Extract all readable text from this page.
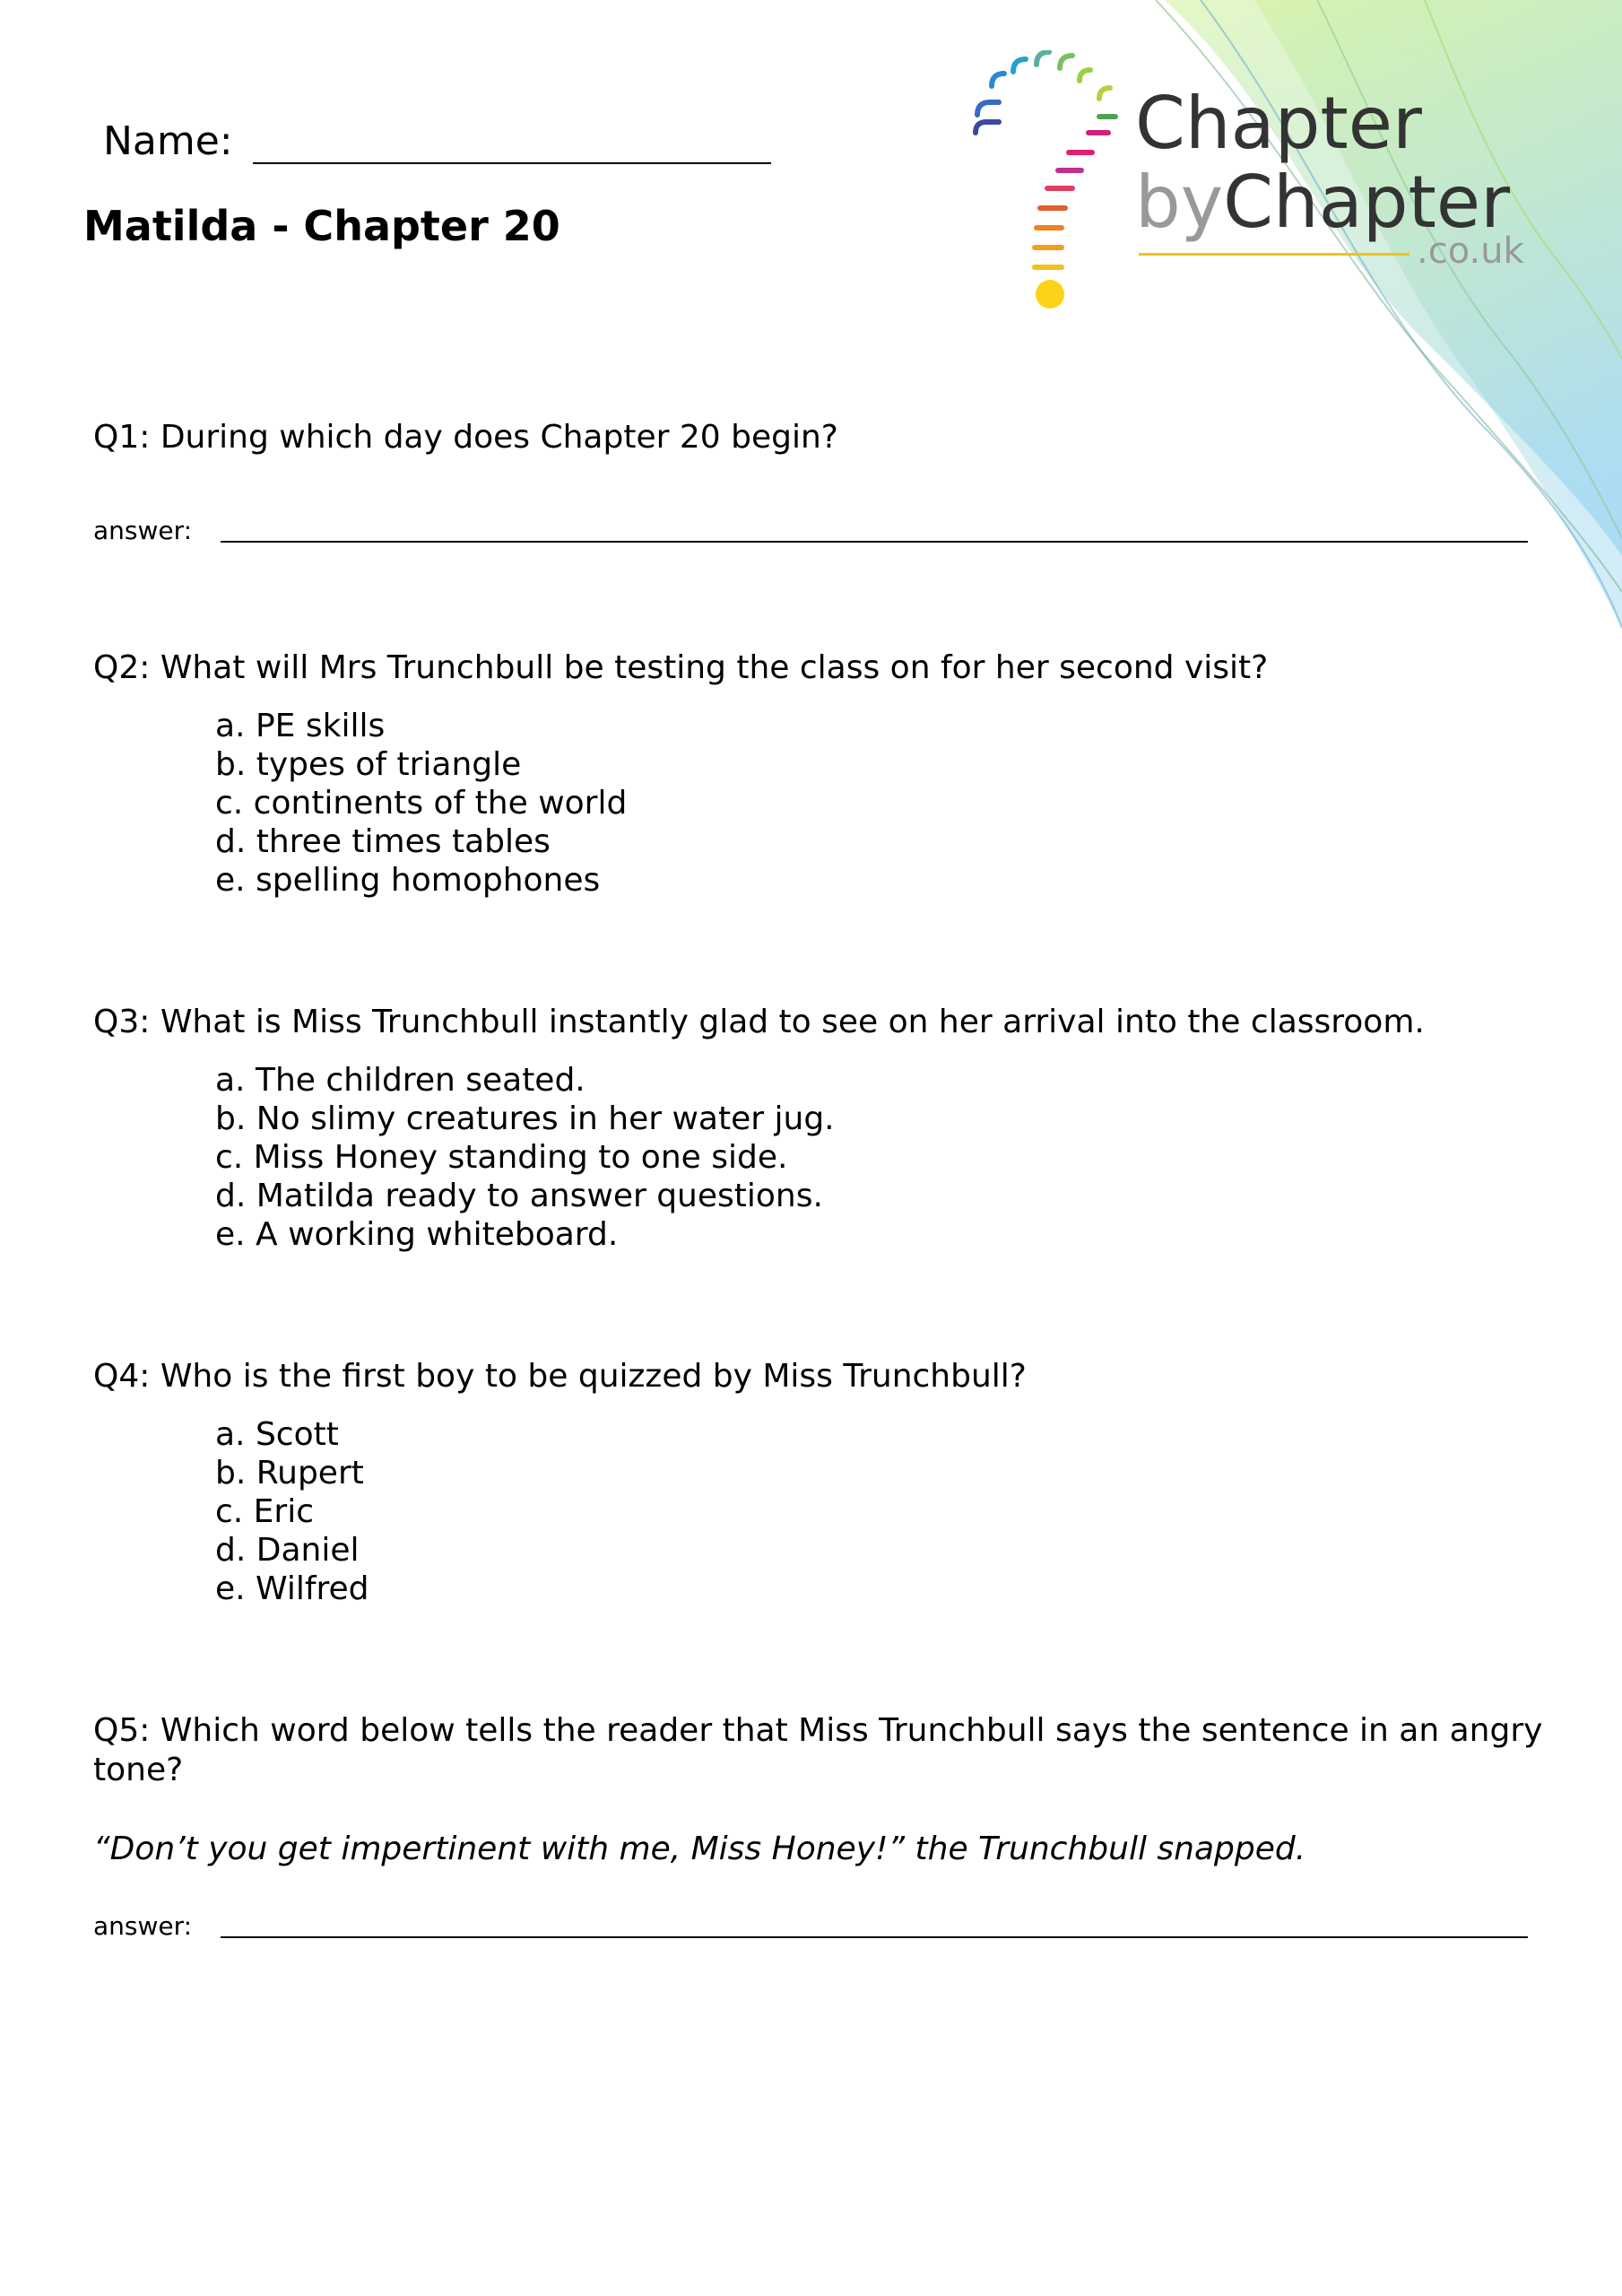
Name:
Matilda - Chapter 20
Chapter
byChapter
.co.uk
Q1: During which day does Chapter 20 begin?
answer:
Q2: What will Mrs Trunchbull be testing the class on for her second visit?
a. PE skills
b. types of triangle
c. continents of the world
d. three times tables
e. spelling homophones
Q3: What is Miss Trunchbull instantly glad to see on her arrival into the classroom.
a. The children seated.
b. No slimy creatures in her water jug.
c. Miss Honey standing to one side.
d. Matilda ready to answer questions.
e. A working whiteboard.
Q4: Who is the first boy to be quizzed by Miss Trunchbull?
a. Scott
b. Rupert
c. Eric
d. Daniel
e. Wilfred
Q5: Which word below tells the reader that Miss Trunchbull says the sentence in an angry tone?
“Don’t you get impertinent with me, Miss Honey!” the Trunchbull snapped.
answer:
